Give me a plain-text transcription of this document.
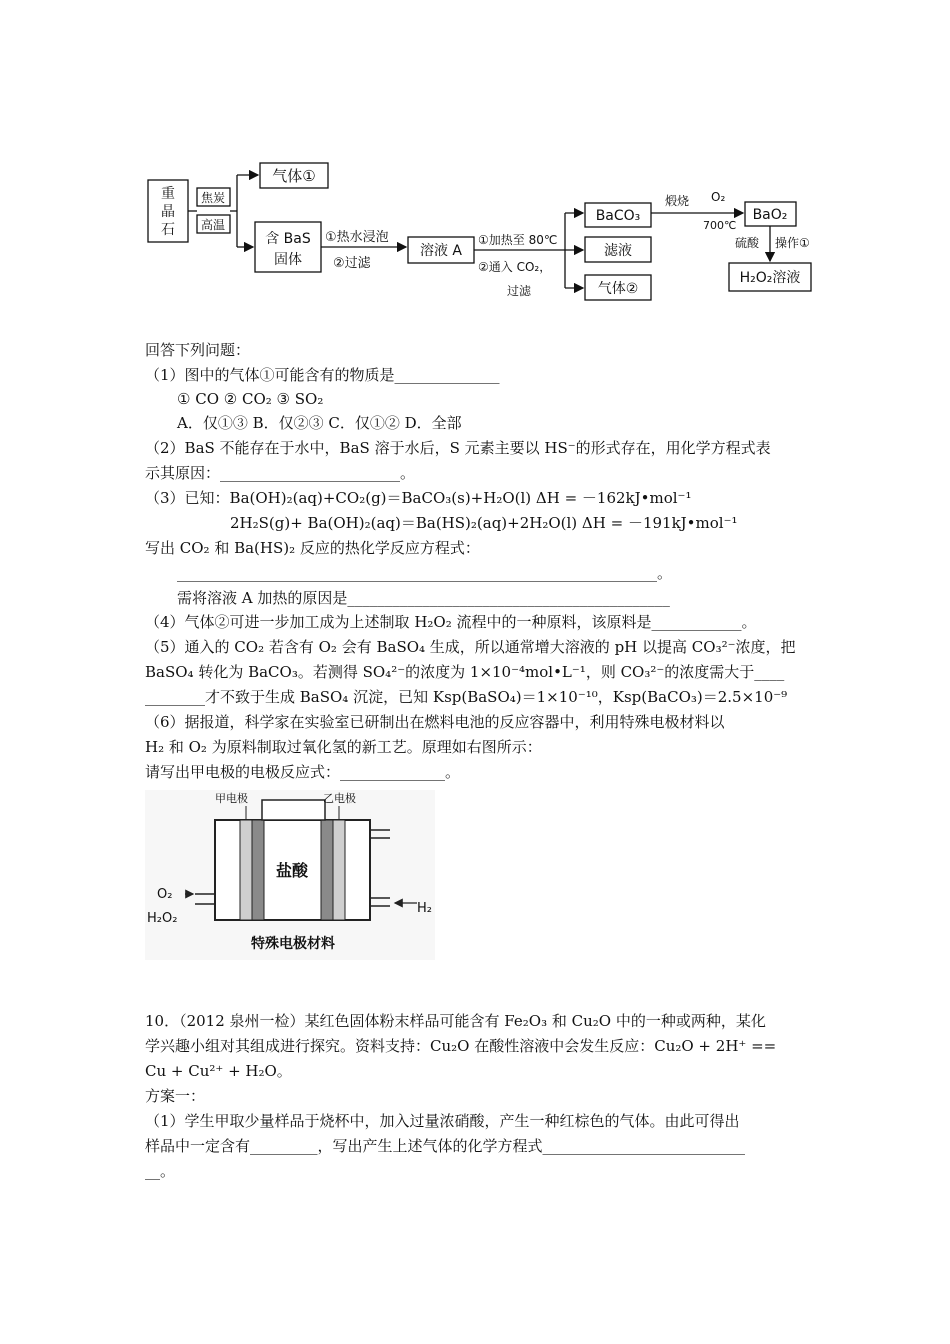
重
晶
石
焦炭
高温
气体①
含 BaS
固体
①热水浸泡
②过滤
溶液 A
①加热至 80℃
②通入 CO₂，
过滤
BaCO₃
滤液
气体②
煅烧 O₂
700℃
BaO₂
硫酸 操作①
H₂O₂溶液
回答下列问题：
（1）图中的气体①可能含有的物质是______________
① CO ② CO₂ ③ SO₂
A．仅①③ B．仅②③ C．仅①② D．全部
（2）BaS 不能存在于水中，BaS 溶于水后，S 元素主要以 HS⁻的形式存在，用化学方程式表
示其原因：________________________。
（3）已知：Ba(OH)₂(aq)+CO₂(g)＝BaCO₃(s)+H₂O(l) ΔH = －162kJ•mol⁻¹
2H₂S(g)+ Ba(OH)₂(aq)＝Ba(HS)₂(aq)+2H₂O(l) ΔH = －191kJ•mol⁻¹
写出 CO₂ 和 Ba(HS)₂ 反应的热化学反应方程式：
________________________________________________________________。
需将溶液 A 加热的原因是___________________________________________
（4）气体②可进一步加工成为上述制取 H₂O₂ 流程中的一种原料，该原料是____________。
（5）通入的 CO₂ 若含有 O₂ 会有 BaSO₄ 生成，所以通常增大溶液的 pH 以提高 CO₃²⁻浓度，把
BaSO₄ 转化为 BaCO₃。若测得 SO₄²⁻的浓度为 1×10⁻⁴mol•L⁻¹，则 CO₃²⁻的浓度需大于____
________才不致于生成 BaSO₄ 沉淀，已知 Ksp(BaSO₄)＝1×10⁻¹⁰，Ksp(BaCO₃)＝2.5×10⁻⁹
（6）据报道，科学家在实验室已研制出在燃料电池的反应容器中，利用特殊电极材料以
H₂ 和 O₂ 为原料制取过氧化氢的新工艺。原理如右图所示：
请写出甲电极的电极反应式：______________。
甲电极	乙电极
盐酸
O₂
H₂O₂
H₂
特殊电极材料
10．（2012 泉州一检）某红色固体粉末样品可能含有 Fe₂O₃ 和 Cu₂O 中的一种或两种，某化
学兴趣小组对其组成进行探究。资料支持：Cu₂O 在酸性溶液中会发生反应：Cu₂O + 2H⁺ ==
Cu + Cu²⁺ + H₂O。
方案一：
（1）学生甲取少量样品于烧杯中，加入过量浓硝酸，产生一种红棕色的气体。由此可得出
样品中一定含有_________，写出产生上述气体的化学方程式___________________________
__。
